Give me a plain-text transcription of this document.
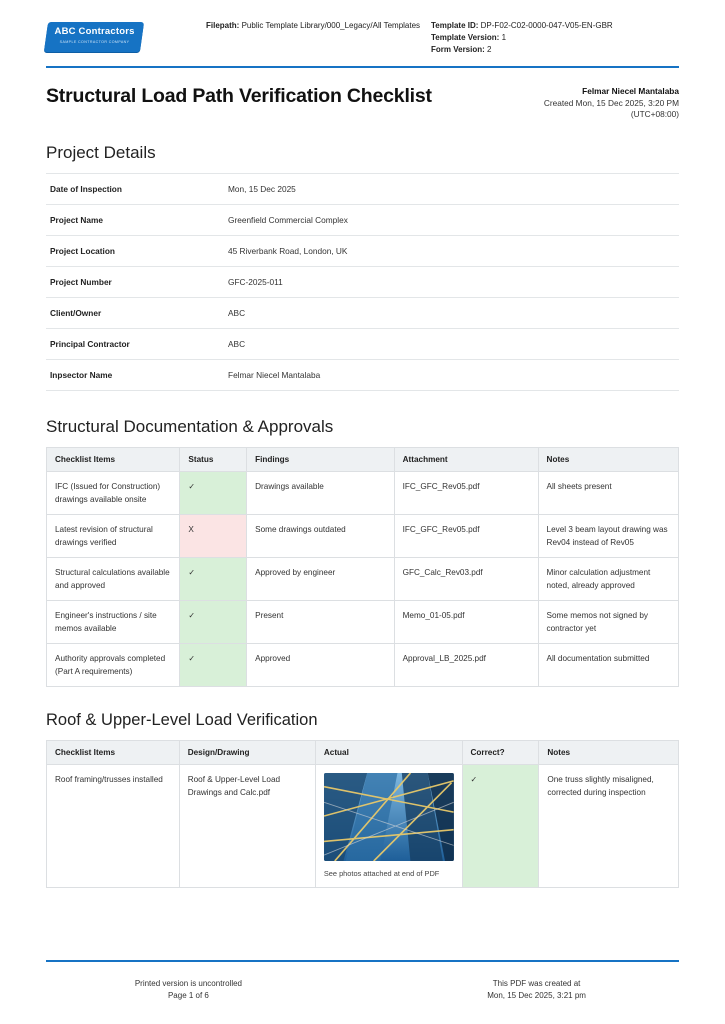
ABC Contractors
SAMPLE CONTRACTOR COMPANY
Filepath: Public Template Library/000_Legacy/All Templates Template ID: DP-F02-C02-0000-047-V05-EN-GBR
Template Version: 1
Form Version: 2
Structural Load Path Verification Checklist	Felmar Niecel Mantalaba
Created Mon, 15 Dec 2025, 3:20 PM
(UTC+08:00)
Project Details
Date of Inspection	Mon, 15 Dec 2025
Project Name	Greenfield Commercial Complex
Project Location	45 Riverbank Road, London, UK
Project Number	GFC-2025-011
Client/Owner	ABC
Principal Contractor	ABC
Inpsector Name	Felmar Niecel Mantalaba
Structural Documentation & Approvals
Checklist Items	Status	Findings	Attachment	Notes
IFC (Issued for Construction) drawings available onsite	✓	Drawings available	IFC_GFC_Rev05.pdf	All sheets present
Latest revision of structural drawings verified	X	Some drawings outdated	IFC_GFC_Rev05.pdf	Level 3 beam layout drawing was Rev04 instead of Rev05
Structural calculations available and approved	✓	Approved by engineer	GFC_Calc_Rev03.pdf	Minor calculation adjustment noted, already approved
Engineer's instructions / site memos available	✓	Present	Memo_01-05.pdf	Some memos not signed by contractor yet
Authority approvals completed (Part A requirements)	✓	Approved	Approval_LB_2025.pdf	All documentation submitted
Roof & Upper-Level Load Verification
Checklist Items	Design/Drawing	Actual	Correct?	Notes
Roof framing/trusses installed	Roof & Upper-Level Load Drawings and Calc.pdf	See photos attached at end of PDF	✓	One truss slightly misaligned, corrected during inspection
Printed version is uncontrolled
Page 1 of 6
This PDF was created at
Mon, 15 Dec 2025, 3:21 pm
